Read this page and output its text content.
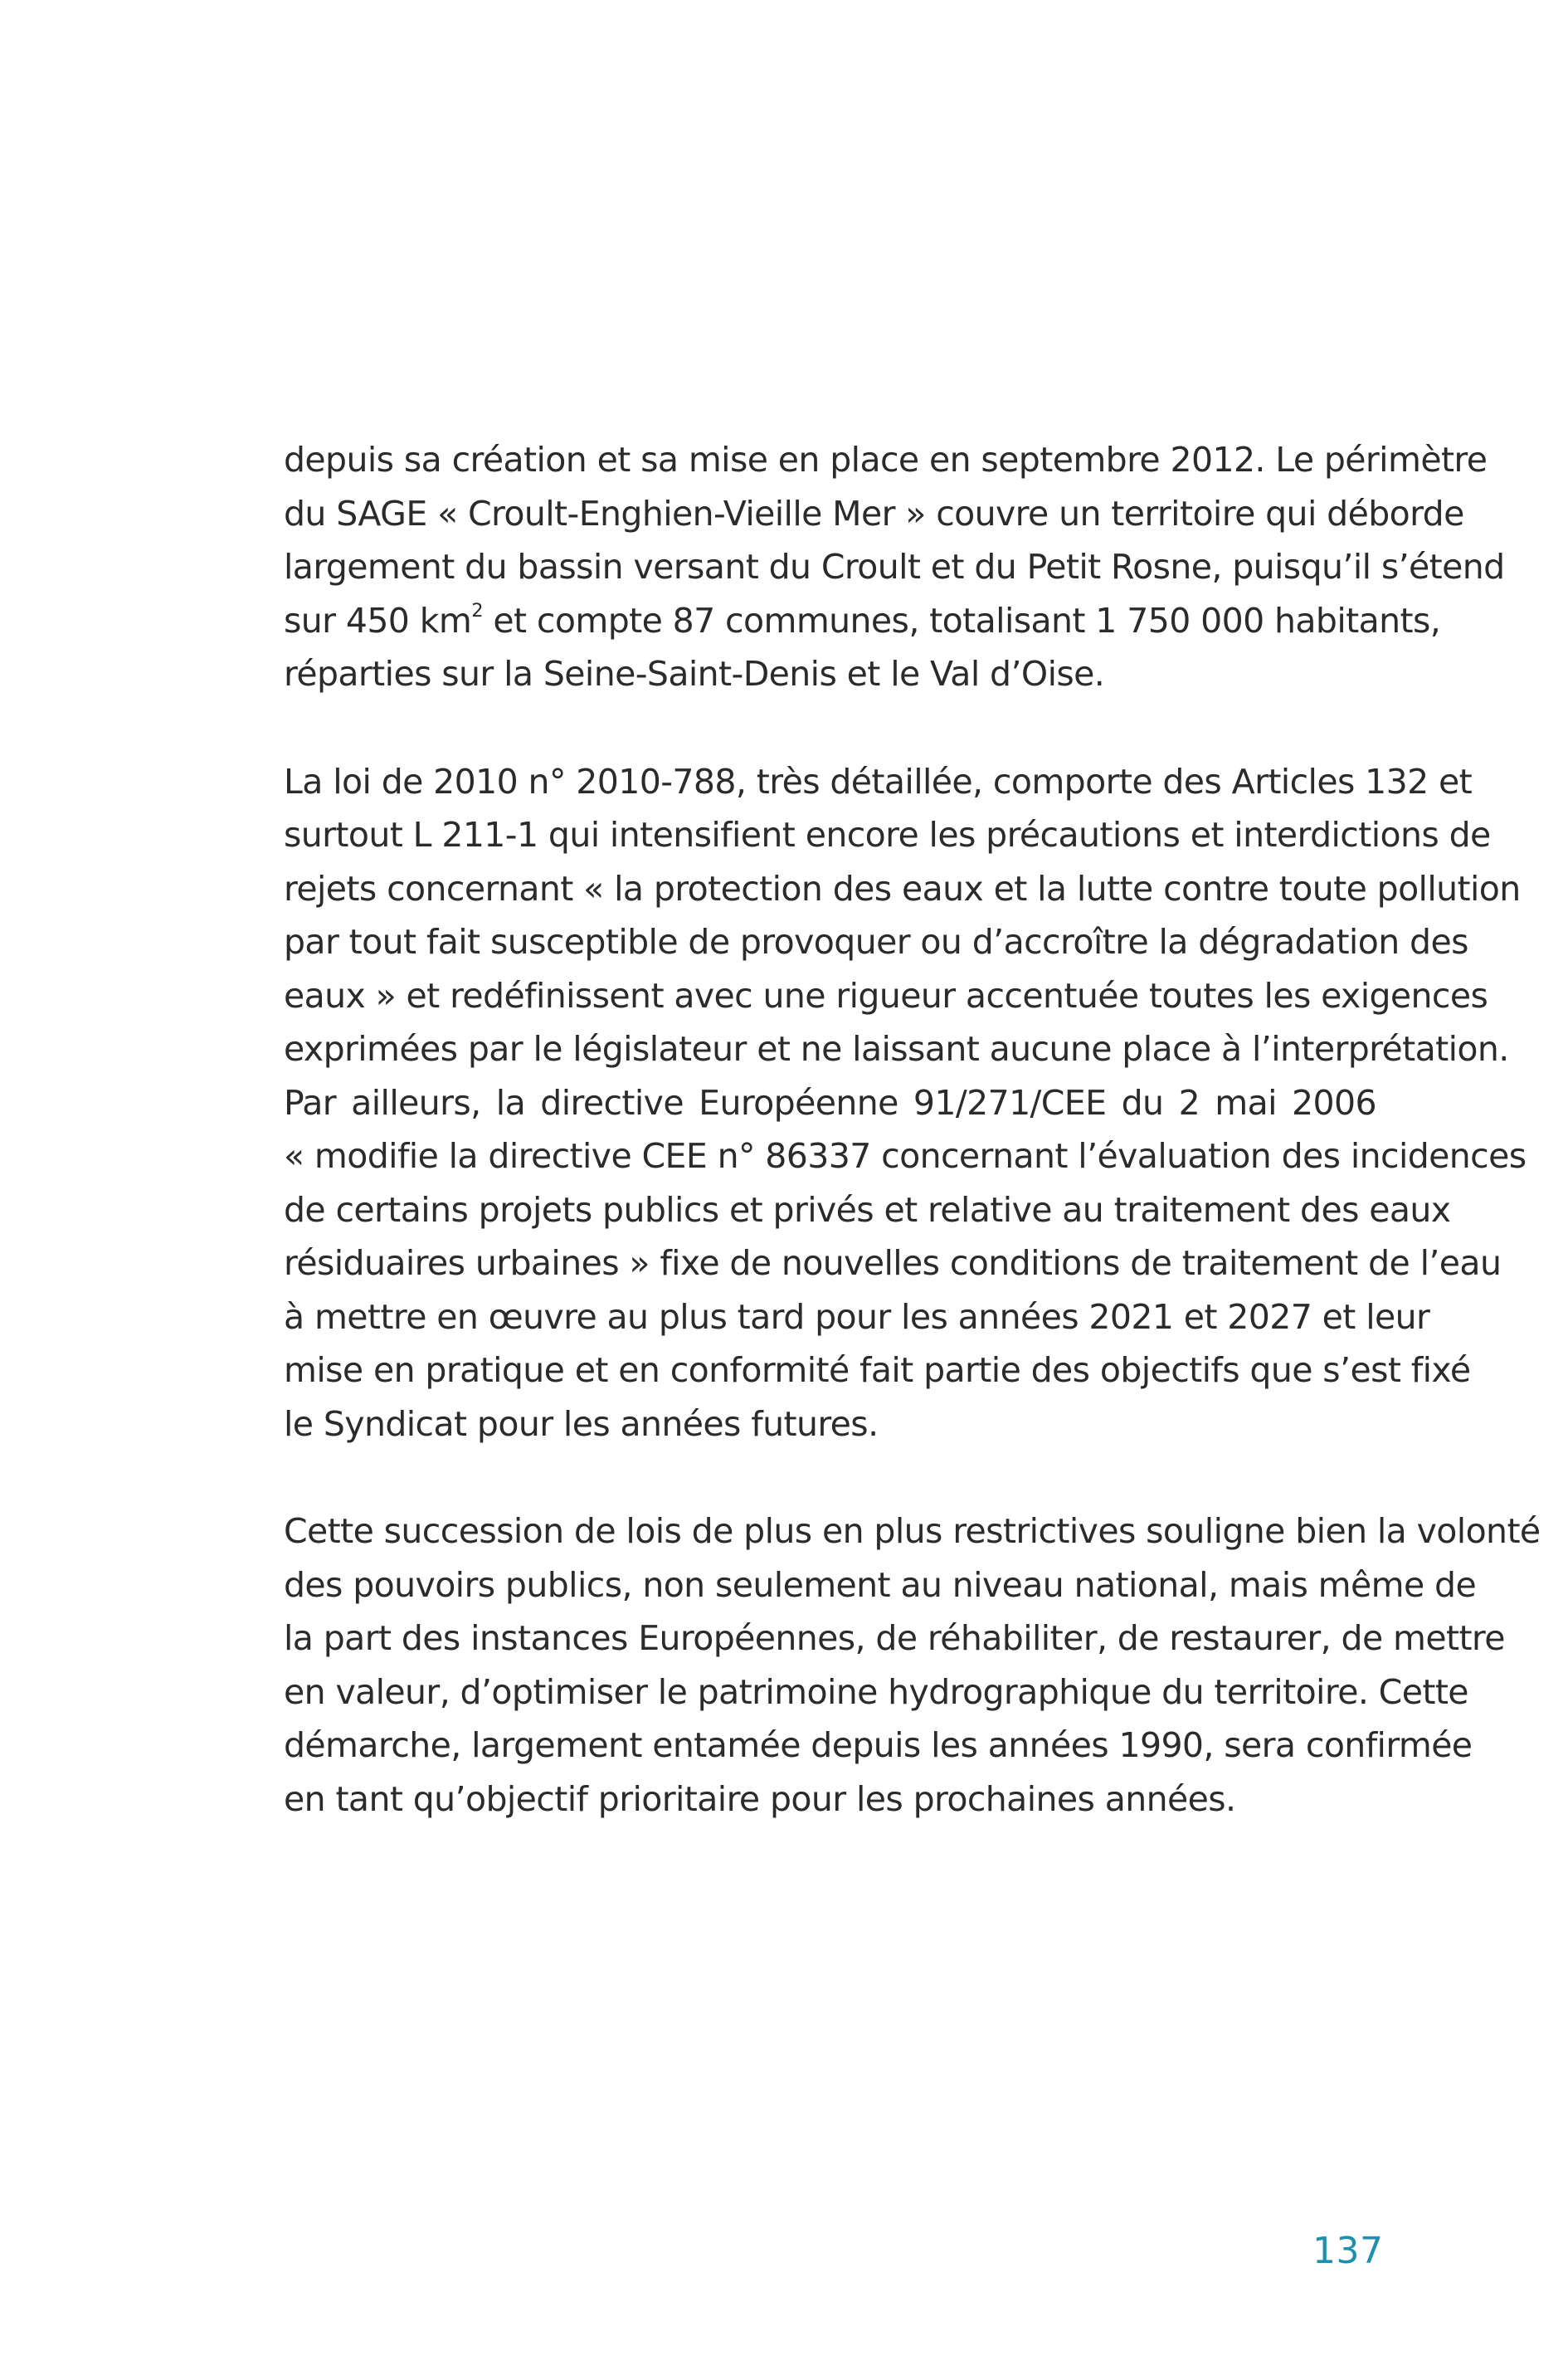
depuis sa création et sa mise en place en septembre 2012. Le périmètre
du SAGE « Croult-Enghien-Vieille Mer » couvre un territoire qui déborde
largement du bassin versant du Croult et du Petit Rosne, puisqu’il s’étend
sur 450 $km^2$ et compte 87 communes, totalisant 1 750 000 habitants,
réparties sur la Seine-Saint-Denis et le Val d’Oise.

La loi de 2010 n° 2010-788, très détaillée, comporte des Articles 132 et
surtout L 211-1 qui intensifient encore les précautions et interdictions de
rejets concernant « la protection des eaux et la lutte contre toute pollution
par tout fait susceptible de provoquer ou d’accroître la dégradation des
eaux » et redéfinissent avec une rigueur accentuée toutes les exigences
exprimées par le législateur et ne laissant aucune place à l’interprétation.
Par ailleurs, la directive Européenne 91/271/CEE du 2 mai 2006
« modifie la directive CEE n° 86337 concernant l’évaluation des incidences
de certains projets publics et privés et relative au traitement des eaux
résiduaires urbaines » fixe de nouvelles conditions de traitement de l’eau
à mettre en œuvre au plus tard pour les années 2021 et 2027 et leur
mise en pratique et en conformité fait partie des objectifs que s’est fixé
le Syndicat pour les années futures.

Cette succession de lois de plus en plus restrictives souligne bien la volonté
des pouvoirs publics, non seulement au niveau national, mais même de
la part des instances Européennes, de réhabiliter, de restaurer, de mettre
en valeur, d’optimiser le patrimoine hydrographique du territoire. Cette
démarche, largement entamée depuis les années 1990, sera confirmée
en tant qu’objectif prioritaire pour les prochaines années.

137
